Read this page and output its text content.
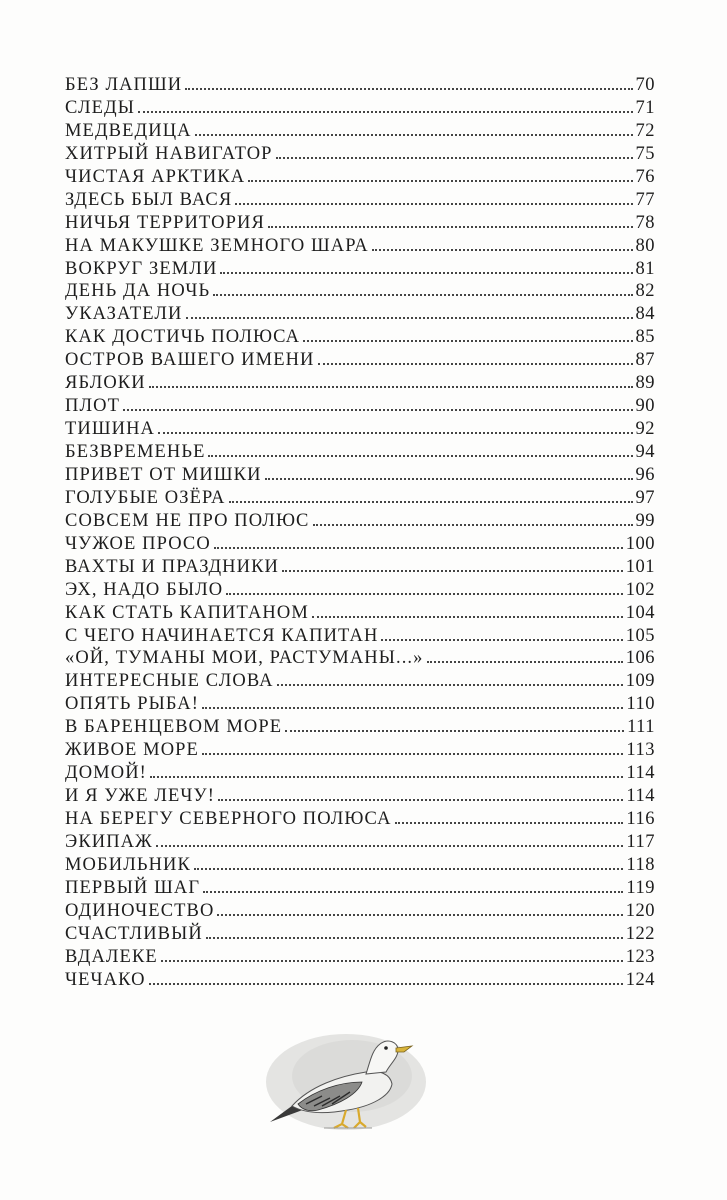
БЕЗ ЛАПШИ	70
СЛЕДЫ	71
МЕДВЕДИЦА	72
ХИТРЫЙ НАВИГАТОР	75
ЧИСТАЯ АРКТИКА	76
ЗДЕСЬ БЫЛ ВАСЯ	77
НИЧЬЯ ТЕРРИТОРИЯ	78
НА МАКУШКЕ ЗЕМНОГО ШАРА	80
ВОКРУГ ЗЕМЛИ	81
ДЕНЬ ДА НОЧЬ	82
УКАЗАТЕЛИ	84
КАК ДОСТИЧЬ ПОЛЮСА	85
ОСТРОВ ВАШЕГО ИМЕНИ	87
ЯБЛОКИ	89
ПЛОТ	90
ТИШИНА	92
БЕЗВРЕМЕНЬЕ	94
ПРИВЕТ ОТ МИШКИ	96
ГОЛУБЫЕ ОЗЁРА	97
СОВСЕМ НЕ ПРО ПОЛЮС	99
ЧУЖОЕ ПРОСО	100
ВАХТЫ И ПРАЗДНИКИ	101
ЭХ, НАДО БЫЛО	102
КАК СТАТЬ КАПИТАНОМ	104
С ЧЕГО НАЧИНАЕТСЯ КАПИТАН	105
«ОЙ, ТУМАНЫ МОИ, РАСТУМАНЫ...»	106
ИНТЕРЕСНЫЕ СЛОВА	109
ОПЯТЬ РЫБА!	110
В БАРЕНЦЕВОМ МОРЕ	111
ЖИВОЕ МОРЕ	113
ДОМОЙ!	114
И Я УЖЕ ЛЕЧУ!	114
НА БЕРЕГУ СЕВЕРНОГО ПОЛЮСА	116
ЭКИПАЖ	117
МОБИЛЬНИК	118
ПЕРВЫЙ ШАГ	119
ОДИНОЧЕСТВО	120
СЧАСТЛИВЫЙ	122
ВДАЛЕКЕ	123
ЧЕЧАКО	124
